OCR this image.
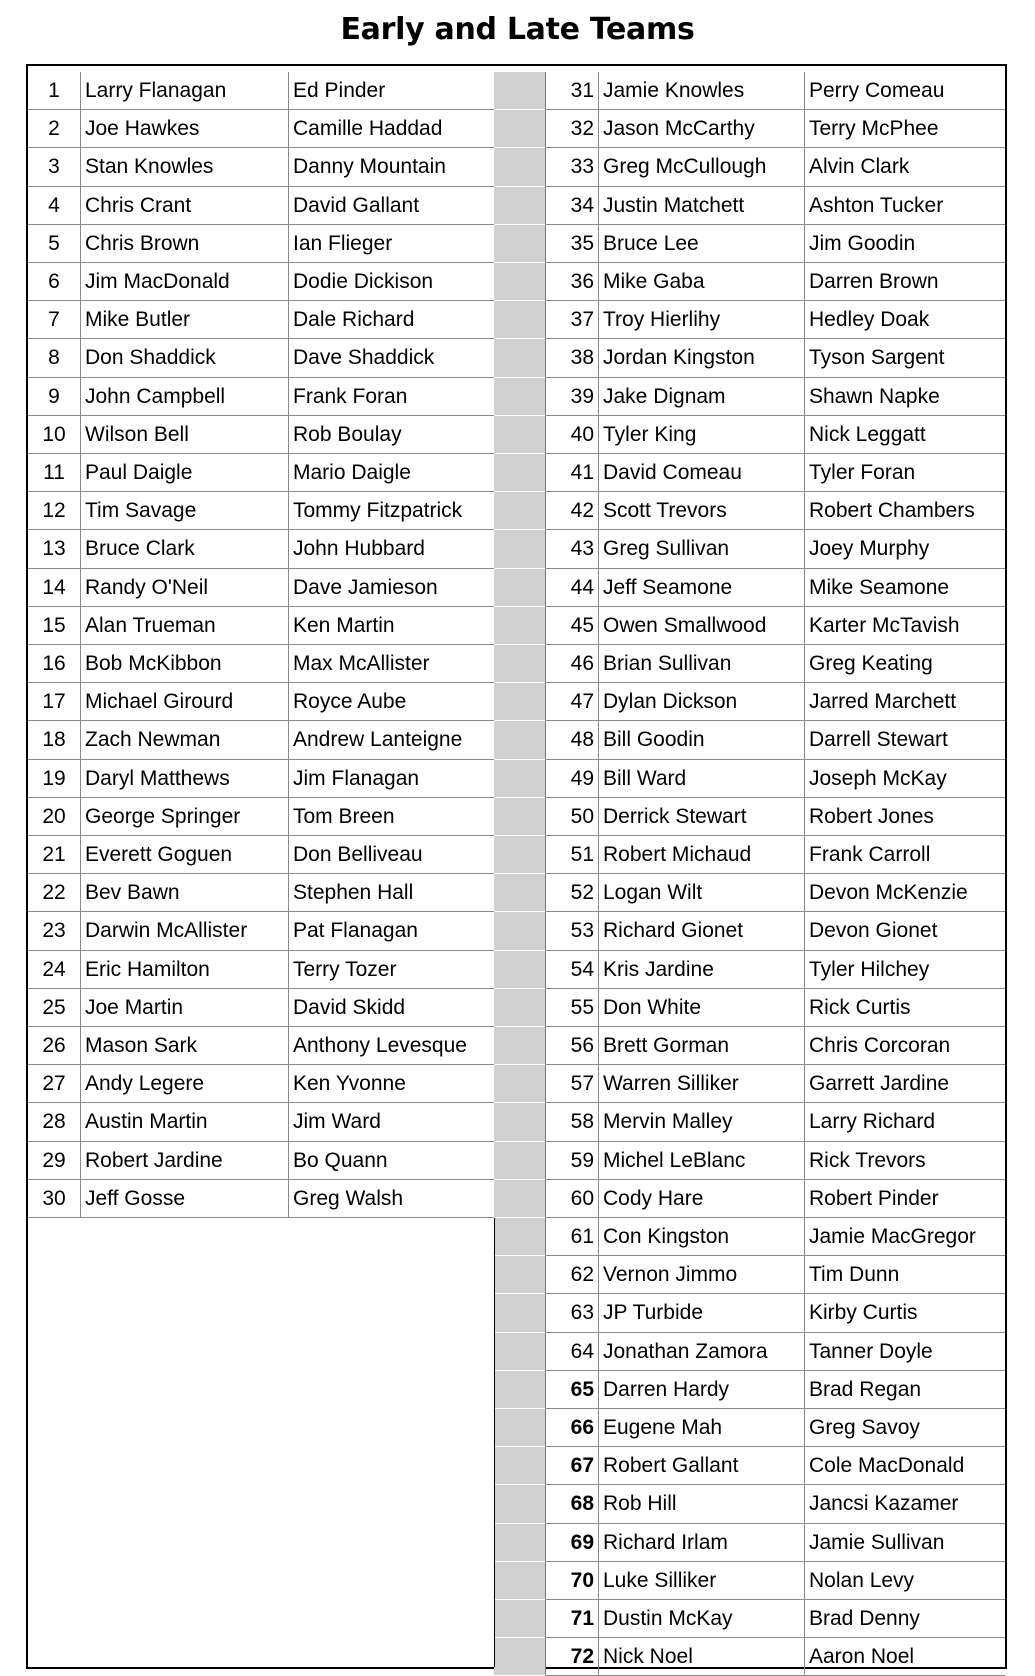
Early and Late Teams
1	Larry Flanagan	Ed Pinder
2	Joe Hawkes	Camille Haddad
3	Stan Knowles	Danny Mountain
4	Chris Crant	David Gallant
5	Chris Brown	Ian Flieger
6	Jim MacDonald	Dodie Dickison
7	Mike Butler	Dale Richard
8	Don Shaddick	Dave Shaddick
9	John Campbell	Frank Foran
10 Wilson Bell	Rob Boulay
11 Paul Daigle	Mario Daigle
12 Tim Savage	Tommy Fitzpatrick
13 Bruce Clark	John Hubbard
14 Randy O'Neil	Dave Jamieson
15 Alan Trueman	Ken Martin
16 Bob McKibbon	Max McAllister
17 Michael Girourd	Royce Aube
18 Zach Newman	Andrew Lanteigne
19 Daryl Matthews	Jim Flanagan
20 George Springer	Tom Breen
21 Everett Goguen	Don Belliveau
22 Bev Bawn	Stephen Hall
23 Darwin McAllister	Pat Flanagan
24 Eric Hamilton	Terry Tozer
25 Joe Martin	David Skidd
26 Mason Sark	Anthony Levesque
27 Andy Legere	Ken Yvonne
28 Austin Martin	Jim Ward
29 Robert Jardine	Bo Quann
30 Jeff Gosse	Greg Walsh
31 Jamie Knowles	Perry Comeau
32 Jason McCarthy	Terry McPhee
33 Greg McCullough	Alvin Clark
34 Justin Matchett	Ashton Tucker
35 Bruce Lee	Jim Goodin
36 Mike Gaba	Darren Brown
37 Troy Hierlihy	Hedley Doak
38 Jordan Kingston	Tyson Sargent
39 Jake Dignam	Shawn Napke
40 Tyler King	Nick Leggatt
41 David Comeau	Tyler Foran
42 Scott Trevors	Robert Chambers
43 Greg Sullivan	Joey Murphy
44 Jeff Seamone	Mike Seamone
45 Owen Smallwood	Karter McTavish
46 Brian Sullivan	Greg Keating
47 Dylan Dickson	Jarred Marchett
48 Bill Goodin	Darrell Stewart
49 Bill Ward	Joseph McKay
50 Derrick Stewart	Robert Jones
51 Robert Michaud	Frank Carroll
52 Logan Wilt	Devon McKenzie
53 Richard Gionet	Devon Gionet
54 Kris Jardine	Tyler Hilchey
55 Don White	Rick Curtis
56 Brett Gorman	Chris Corcoran
57 Warren Silliker	Garrett Jardine
58 Mervin Malley	Larry Richard
59 Michel LeBlanc	Rick Trevors
60 Cody Hare	Robert Pinder
61 Con Kingston	Jamie MacGregor
62 Vernon Jimmo	Tim Dunn
63 JP Turbide	Kirby Curtis
64 Jonathan Zamora	Tanner Doyle
65 Darren Hardy	Brad Regan
66 Eugene Mah	Greg Savoy
67 Robert Gallant	Cole MacDonald
68 Rob Hill	Jancsi Kazamer
69 Richard Irlam	Jamie Sullivan
70 Luke Silliker	Nolan Levy
71 Dustin McKay	Brad Denny
72 Nick Noel	Aaron Noel
